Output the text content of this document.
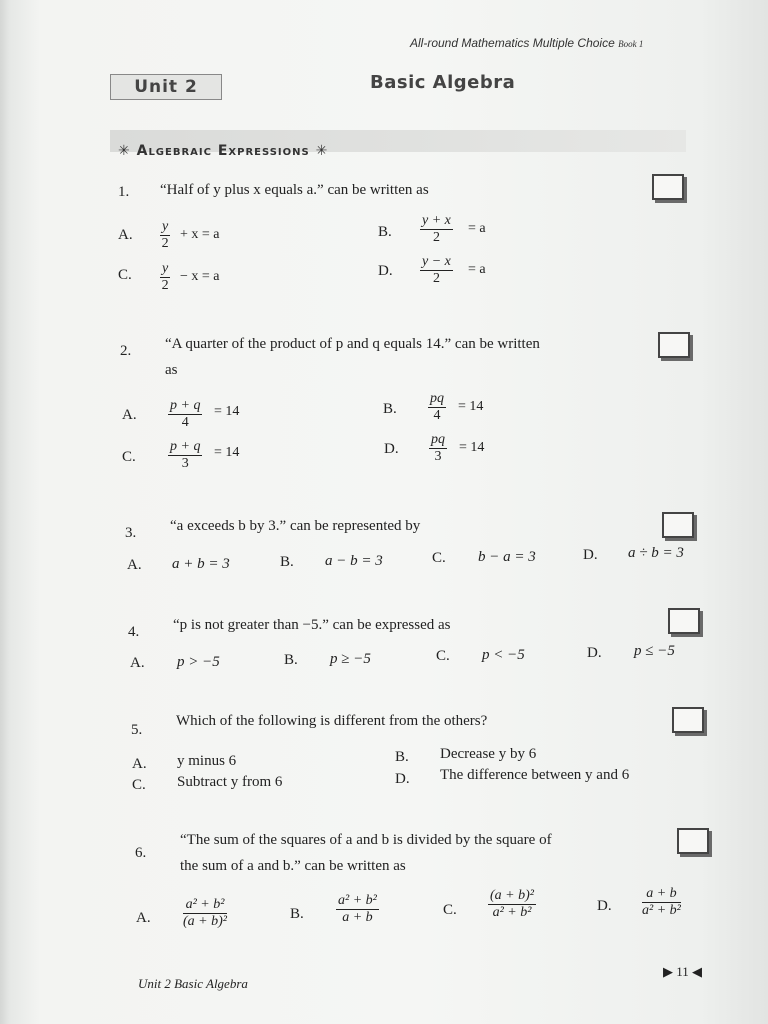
All-round Mathematics Multiple Choice Book 1
Unit 2	Basic Algebra
✳ Algebraic Expressions ✳
1. “Half of y plus x equals a.” can be written as
A. $\frac{y}{2} + x = a$	B. $\frac{y + x}{2} = a$
C. $\frac{y}{2} - x = a$	D. $\frac{y - x}{2} = a$
2. “A quarter of the product of p and q equals 14.” can be written
as
A. $\frac{p + q}{4} = 14$	B. $\frac{pq}{4} = 14$
C. $\frac{p + q}{3} = 14$	D. $\frac{pq}{3} = 14$
3. “a exceeds b by 3.” can be represented by
A. a + b = 3	B. a − b = 3	C. b − a = 3	D. a ÷ b = 3
4. “p is not greater than −5.” can be expressed as
A. p > −5	B. p ≥ −5	C. p < −5	D. p ≤ −5
5.
Which of the following is different from the others?
A. y minus 6	B. Decrease y by 6
C. Subtract y from 6	D. The difference between y and 6
6.
“The sum of the squares of a and b is divided by the square of
the sum of a and b.” can be written as
A. $\frac{\text{a² + b²}}{\text{(a + b)²}}$	B. $\frac{\text{a² + b²}}{a + b}$	C. $\frac{\text{(a + b)²}}{\text{a² + b²}}$	D. $\frac{a + b}{\text{a² + b²}}$
Unit 2 Basic Algebra
▶ 11 ◀
